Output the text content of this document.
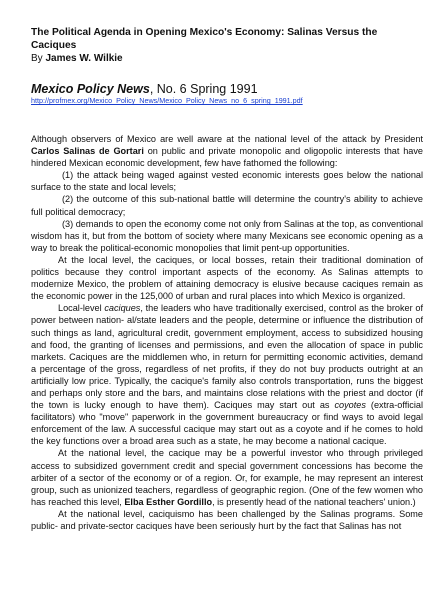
The Political Agenda in Opening Mexico's Economy: Salinas Versus the Caciques

By James W. Wilkie

Mexico Policy News, No. 6 Spring 1991
http://profmex.org/Mexico_Policy_News/Mexico_Policy_News_no_6_spring_1991.pdf

Although observers of Mexico are well aware at the national level of the attack by President Carlos Salinas de Gortari on public and private monopolic and oligopolic interests that have hindered Mexican economic development, few have fathomed the following:

(1) the attack being waged against vested economic interests goes below the national surface to the state and local levels;

(2) the outcome of this sub-national battle will determine the country's ability to achieve full political democracy;

(3) demands to open the economy come not only from Salinas at the top, as conventional wisdom has it, but from the bottom of society where many Mexicans see economic opening as a way to break the political-economic monopolies that limit pent-up opportunities.

At the local level, the caciques, or local bosses, retain their traditional domination of politics because they control important aspects of the economy. As Salinas attempts to modernize Mexico, the problem of attaining democracy is elusive because caciques remain as the economic power in the 125,000 of urban and rural places into which Mexico is organized.

Local-level caciques, the leaders who have traditionally exercised, control as the broker of power between nation- al/state leaders and the people, determine or influence the distribution of such things as land, agricultural credit, government employment, access to subsidized housing and food, the granting of licenses and permissions, and even the allocation of space in public markets. Caciques are the middlemen who, in return for permitting economic activities, demand a percentage of the gross, regardless of net profits, if they do not buy products outright at an artificially low price. Typically, the cacique's family also controls transportation, runs the biggest and perhaps only store and the bars, and maintains close relations with the priest and doctor (if the town is lucky enough to have them). Caciques may start out as coyotes (extra-official facilitators) who "move" paperwork in the government bureaucracy or find ways to avoid legal enforcement of the law. A successful cacique may start out as a coyote and if he comes to hold the key functions over a broad area such as a state, he may become a national cacique.

At the national level, the cacique may be a powerful investor who through privileged access to subsidized government credit and special government concessions has become the arbiter of a sector of the economy or of a region. Or, for example, he may represent an interest group, such as unionized teachers, regardless of geographic region. (One of the few women who has reached this level, Elba Esther Gordillo, is presently head of the national teachers' union.)

At the national level, caciquismo has been challenged by the Salinas programs. Some public- and private-sector caciques have been seriously hurt by the fact that Salinas has not
